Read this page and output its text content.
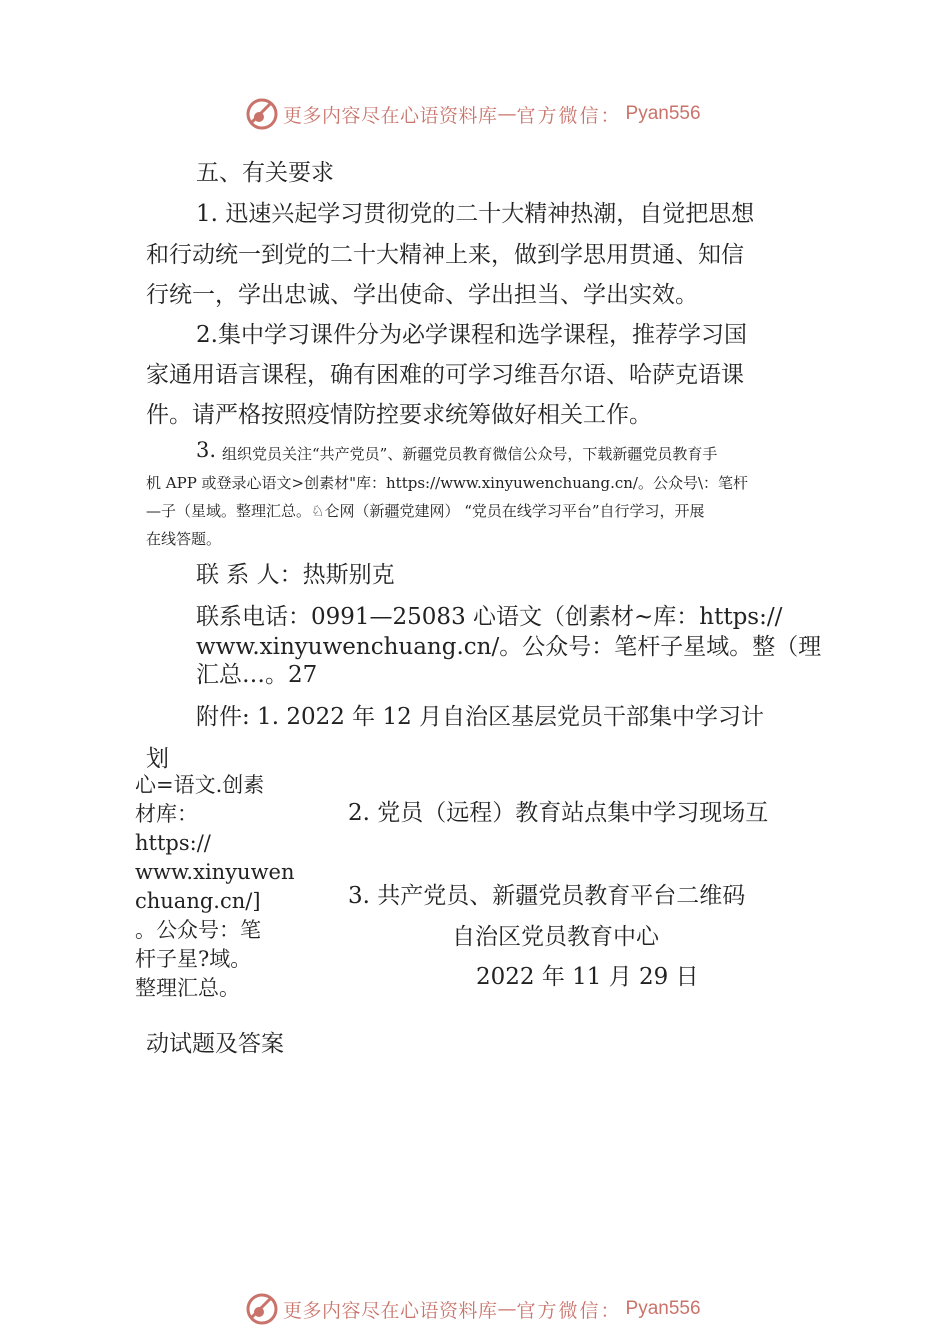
更多内容尽在心语资料库 — 官方微信： Pyan556
五、有关要求
1. 迅速兴起学习贯彻党的二十大精神热潮，自觉把思想
和行动统一到党的二十大精神上来，做到学思用贯通、知信
行统一，学出忠诚、学出使命、学出担当、学出实效。
2.集中学习课件分为必学课程和选学课程，推荐学习国
家通用语言课程，确有困难的可学习维吾尔语、哈萨克语课
件。请严格按照疫情防控要求统筹做好相关工作。
3. 组织党员关注“共产党员”、新疆党员教育微信公众号，下载新疆党员教育手
机 APP 或登录心语文>创素材"库：https://www.xinyuwenchuang.cn/。公众号\：笔杆
—子（星域。整理汇总。♘仑网（新疆党建网） “党员在线学习平台”自行学习，开展
在线答题。
联 系 人：热斯别克
联系电话：0991—25083 心语文（创素材~库：https://
www.xinyuwenchuang.cn/。公众号：笔杆子星域。整（理
汇总…。27
附件: 1. 2022 年 12 月自治区基层党员干部集中学习计
划
心=语文.创素
材库：
https://
www.xinyuwen
chuang.cn/]
。公众号：笔
杆子星?域。
整理汇总。
2. 党员（远程）教育站点集中学习现场互
3. 共产党员、新疆党员教育平台二维码
自治区党员教育中心
2022 年 11 月 29 日
动试题及答案
更多内容尽在心语资料库 — 官方微信： Pyan556
